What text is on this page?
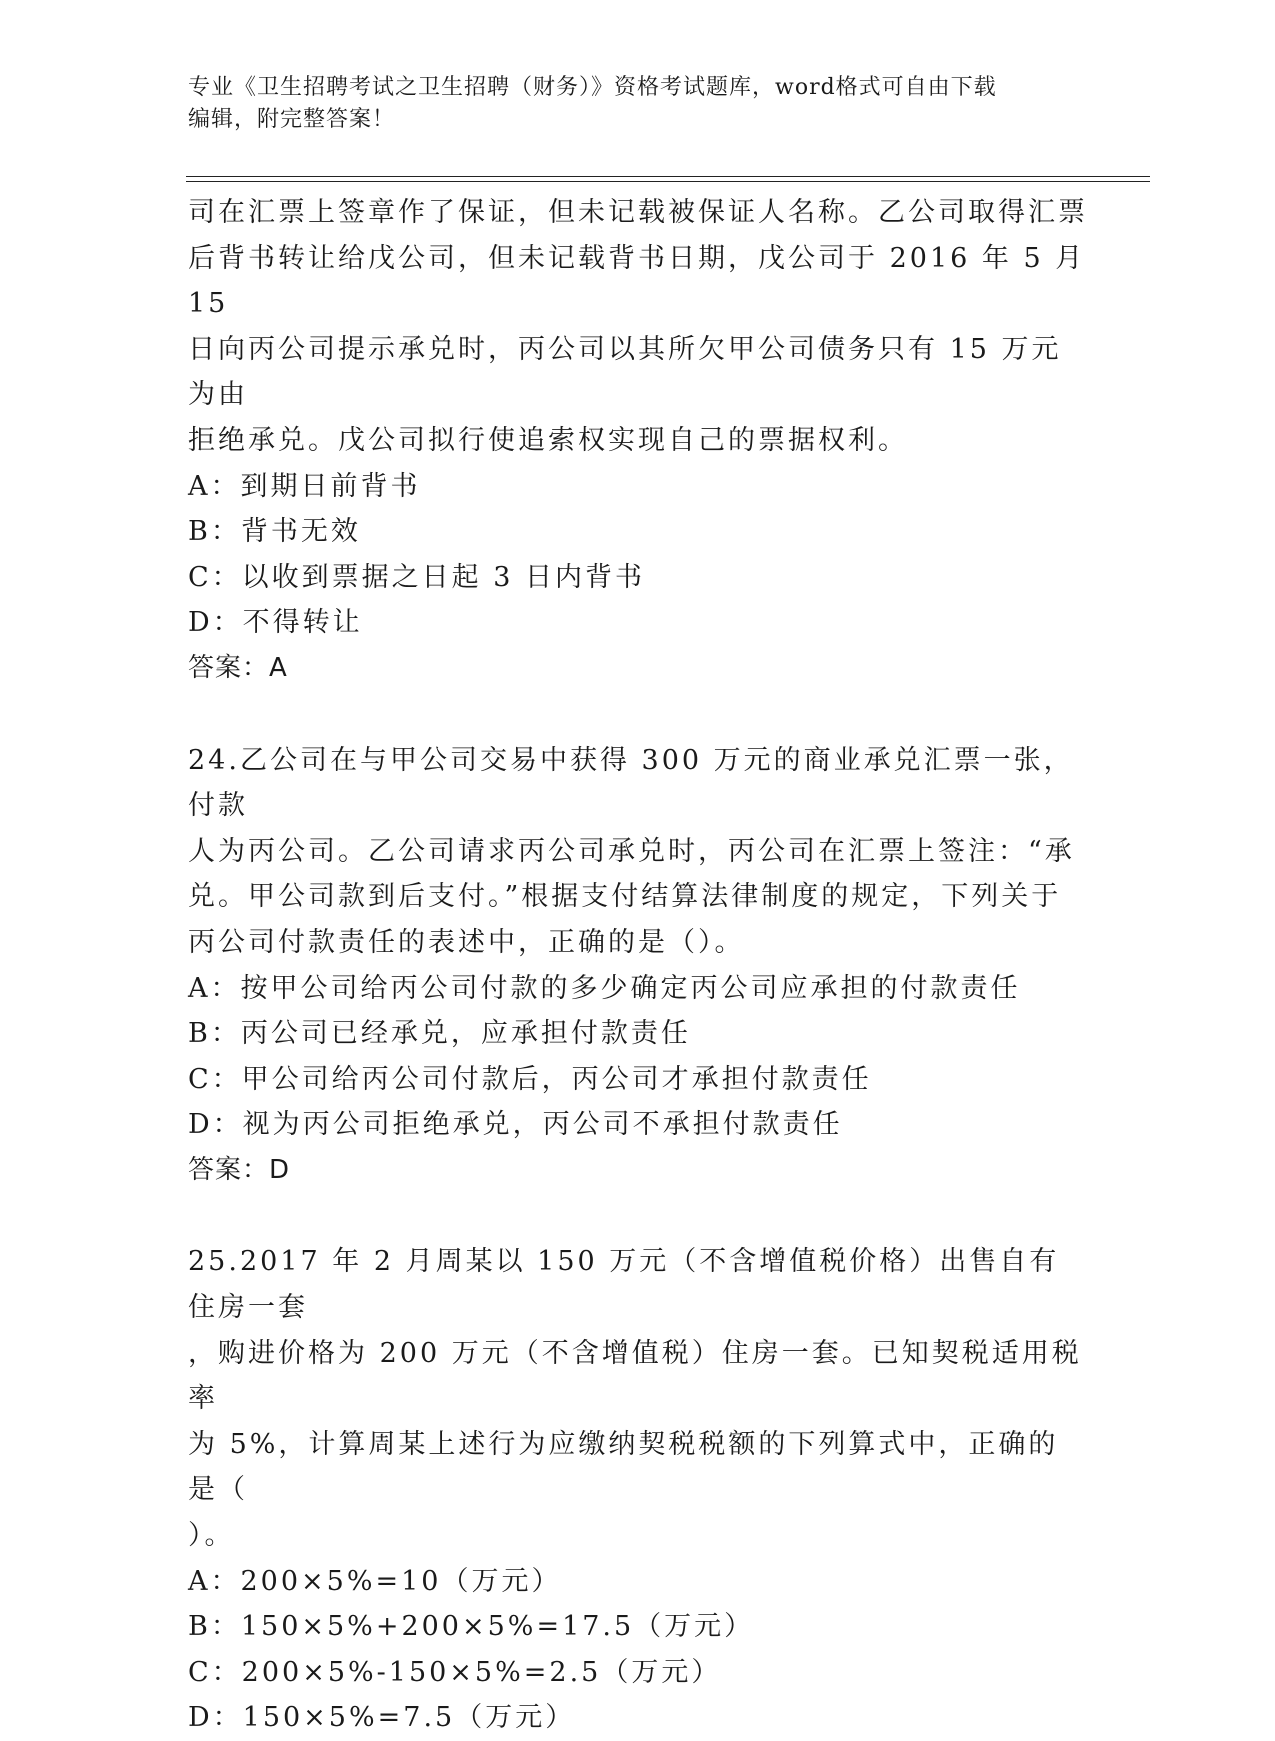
专业《卫生招聘考试之卫生招聘（财务）》资格考试题库，word格式可自由下载
编辑，附完整答案！

司在汇票上签章作了保证，但未记载被保证人名称。乙公司取得汇票

后背书转让给戊公司，但未记载背书日期，戊公司于 2016 年 5 月 15

日向丙公司提示承兑时，丙公司以其所欠甲公司债务只有 15 万元为由

拒绝承兑。戊公司拟行使追索权实现自己的票据权利。

A：到期日前背书

B：背书无效

C：以收到票据之日起 3 日内背书

D：不得转让

答案：A

24.乙公司在与甲公司交易中获得 300 万元的商业承兑汇票一张，付款

人为丙公司。乙公司请求丙公司承兑时，丙公司在汇票上签注：“承

兑。甲公司款到后支付。”根据支付结算法律制度的规定，下列关于

丙公司付款责任的表述中，正确的是（）。

A：按甲公司给丙公司付款的多少确定丙公司应承担的付款责任

B：丙公司已经承兑，应承担付款责任

C：甲公司给丙公司付款后，丙公司才承担付款责任

D：视为丙公司拒绝承兑，丙公司不承担付款责任

答案：D

25.2017 年 2 月周某以 150 万元（不含增值税价格）出售自有住房一套

，购进价格为 200 万元（不含增值税）住房一套。已知契税适用税率

为 5%，计算周某上述行为应缴纳契税税额的下列算式中，正确的是（

）。

A：200×5%=10（万元）

B：150×5%+200×5%=17.5（万元）

C：200×5%-150×5%=2.5（万元）

D：150×5%=7.5（万元）
